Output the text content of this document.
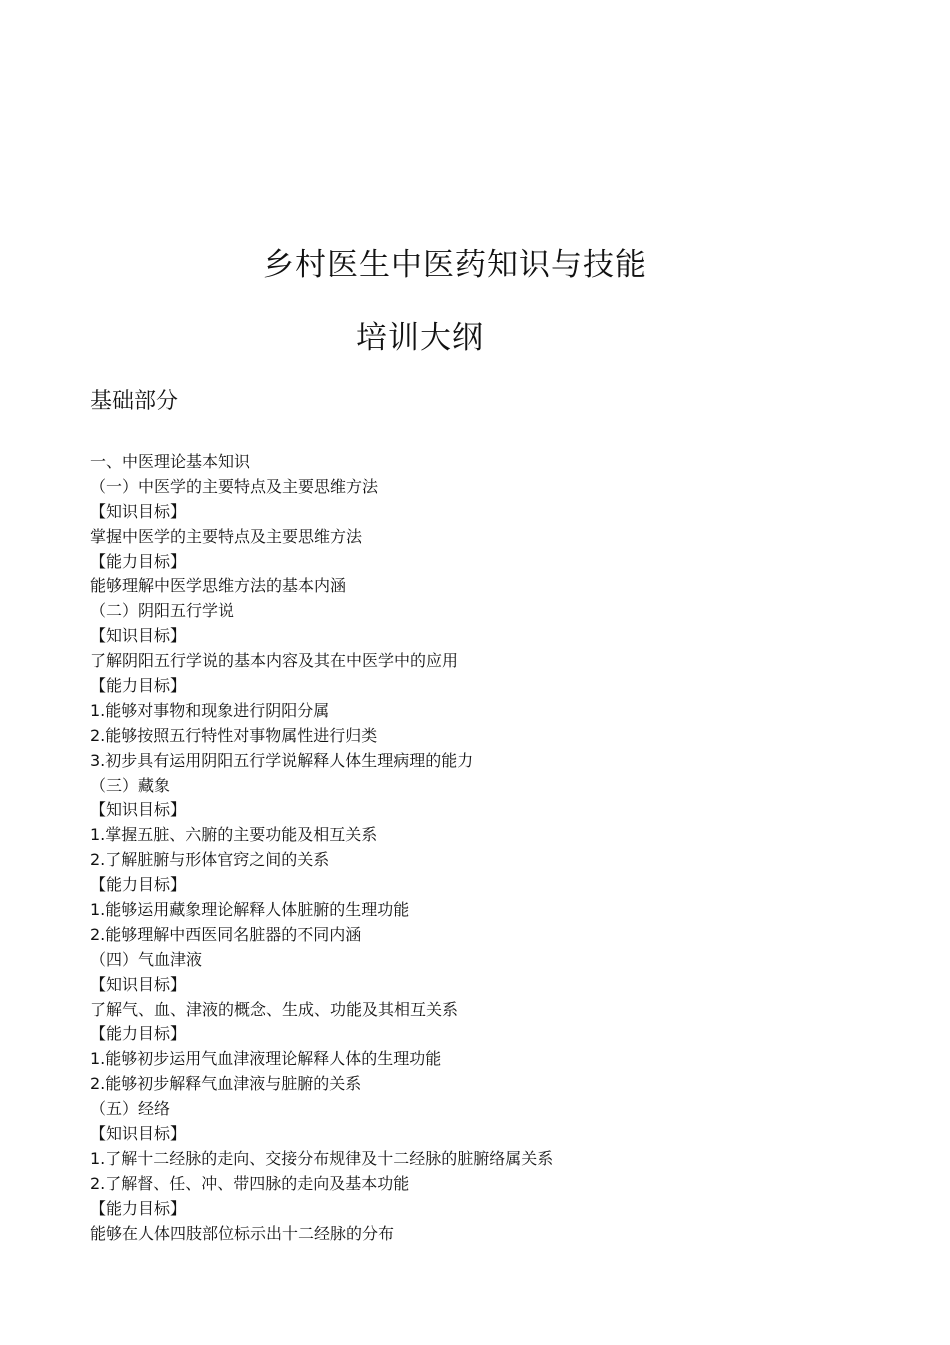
乡村医生中医药知识与技能
培训大纲
基础部分
一、中医理论基本知识
（一）中医学的主要特点及主要思维方法
【知识目标】
掌握中医学的主要特点及主要思维方法
【能力目标】
能够理解中医学思维方法的基本内涵
（二）阴阳五行学说
【知识目标】
了解阴阳五行学说的基本内容及其在中医学中的应用
【能力目标】
1.能够对事物和现象进行阴阳分属
2.能够按照五行特性对事物属性进行归类
3.初步具有运用阴阳五行学说解释人体生理病理的能力
（三）藏象
【知识目标】
1.掌握五脏、六腑的主要功能及相互关系
2.了解脏腑与形体官窍之间的关系
【能力目标】
1.能够运用藏象理论解释人体脏腑的生理功能
2.能够理解中西医同名脏器的不同内涵
（四）气血津液
【知识目标】
了解气、血、津液的概念、生成、功能及其相互关系
【能力目标】
1.能够初步运用气血津液理论解释人体的生理功能
2.能够初步解释气血津液与脏腑的关系
（五）经络
【知识目标】
1.了解十二经脉的走向、交接分布规律及十二经脉的脏腑络属关系
2.了解督、任、冲、带四脉的走向及基本功能
【能力目标】
能够在人体四肢部位标示出十二经脉的分布
